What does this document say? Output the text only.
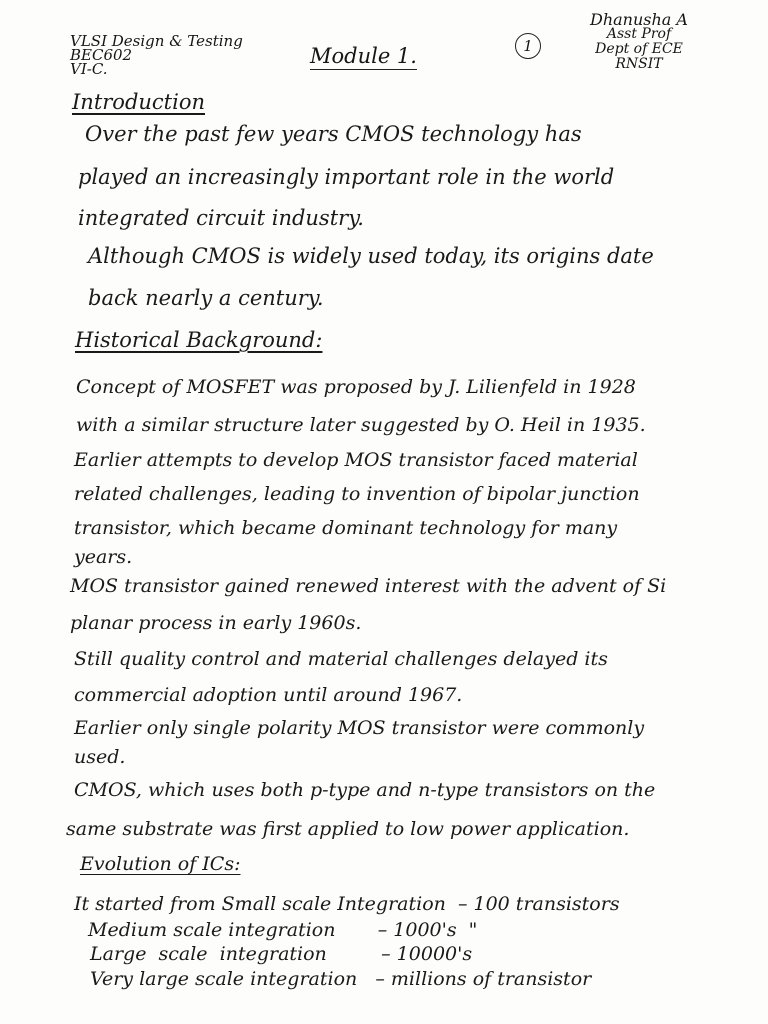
VLSI Design & Testing
BEC602
VI-C.
Module 1.	1
Dhanusha A
Asst Prof
Dept of ECE
RNSIT
Introduction
Over the past few years CMOS technology has
played an increasingly important role in the world
integrated circuit industry.
Although CMOS is widely used today, its origins date
back nearly a century.
Historical Background:
Concept of MOSFET was proposed by J. Lilienfeld in 1928
with a similar structure later suggested by O. Heil in 1935.
Earlier attempts to develop MOS transistor faced material
related challenges, leading to invention of bipolar junction
transistor, which became dominant technology for many
years.
MOS transistor gained renewed interest with the advent of Si
planar process in early 1960s.
Still quality control and material challenges delayed its
commercial adoption until around 1967.
Earlier only single polarity MOS transistor were commonly
used.
CMOS, which uses both p-type and n-type transistors on the
same substrate was first applied to low power application.
Evolution of ICs:
It started from Small scale Integration  – 100 transistors
Medium scale integration       – 1000's  "
Large  scale  integration         – 10000's
Very large scale integration   – millions of transistor
